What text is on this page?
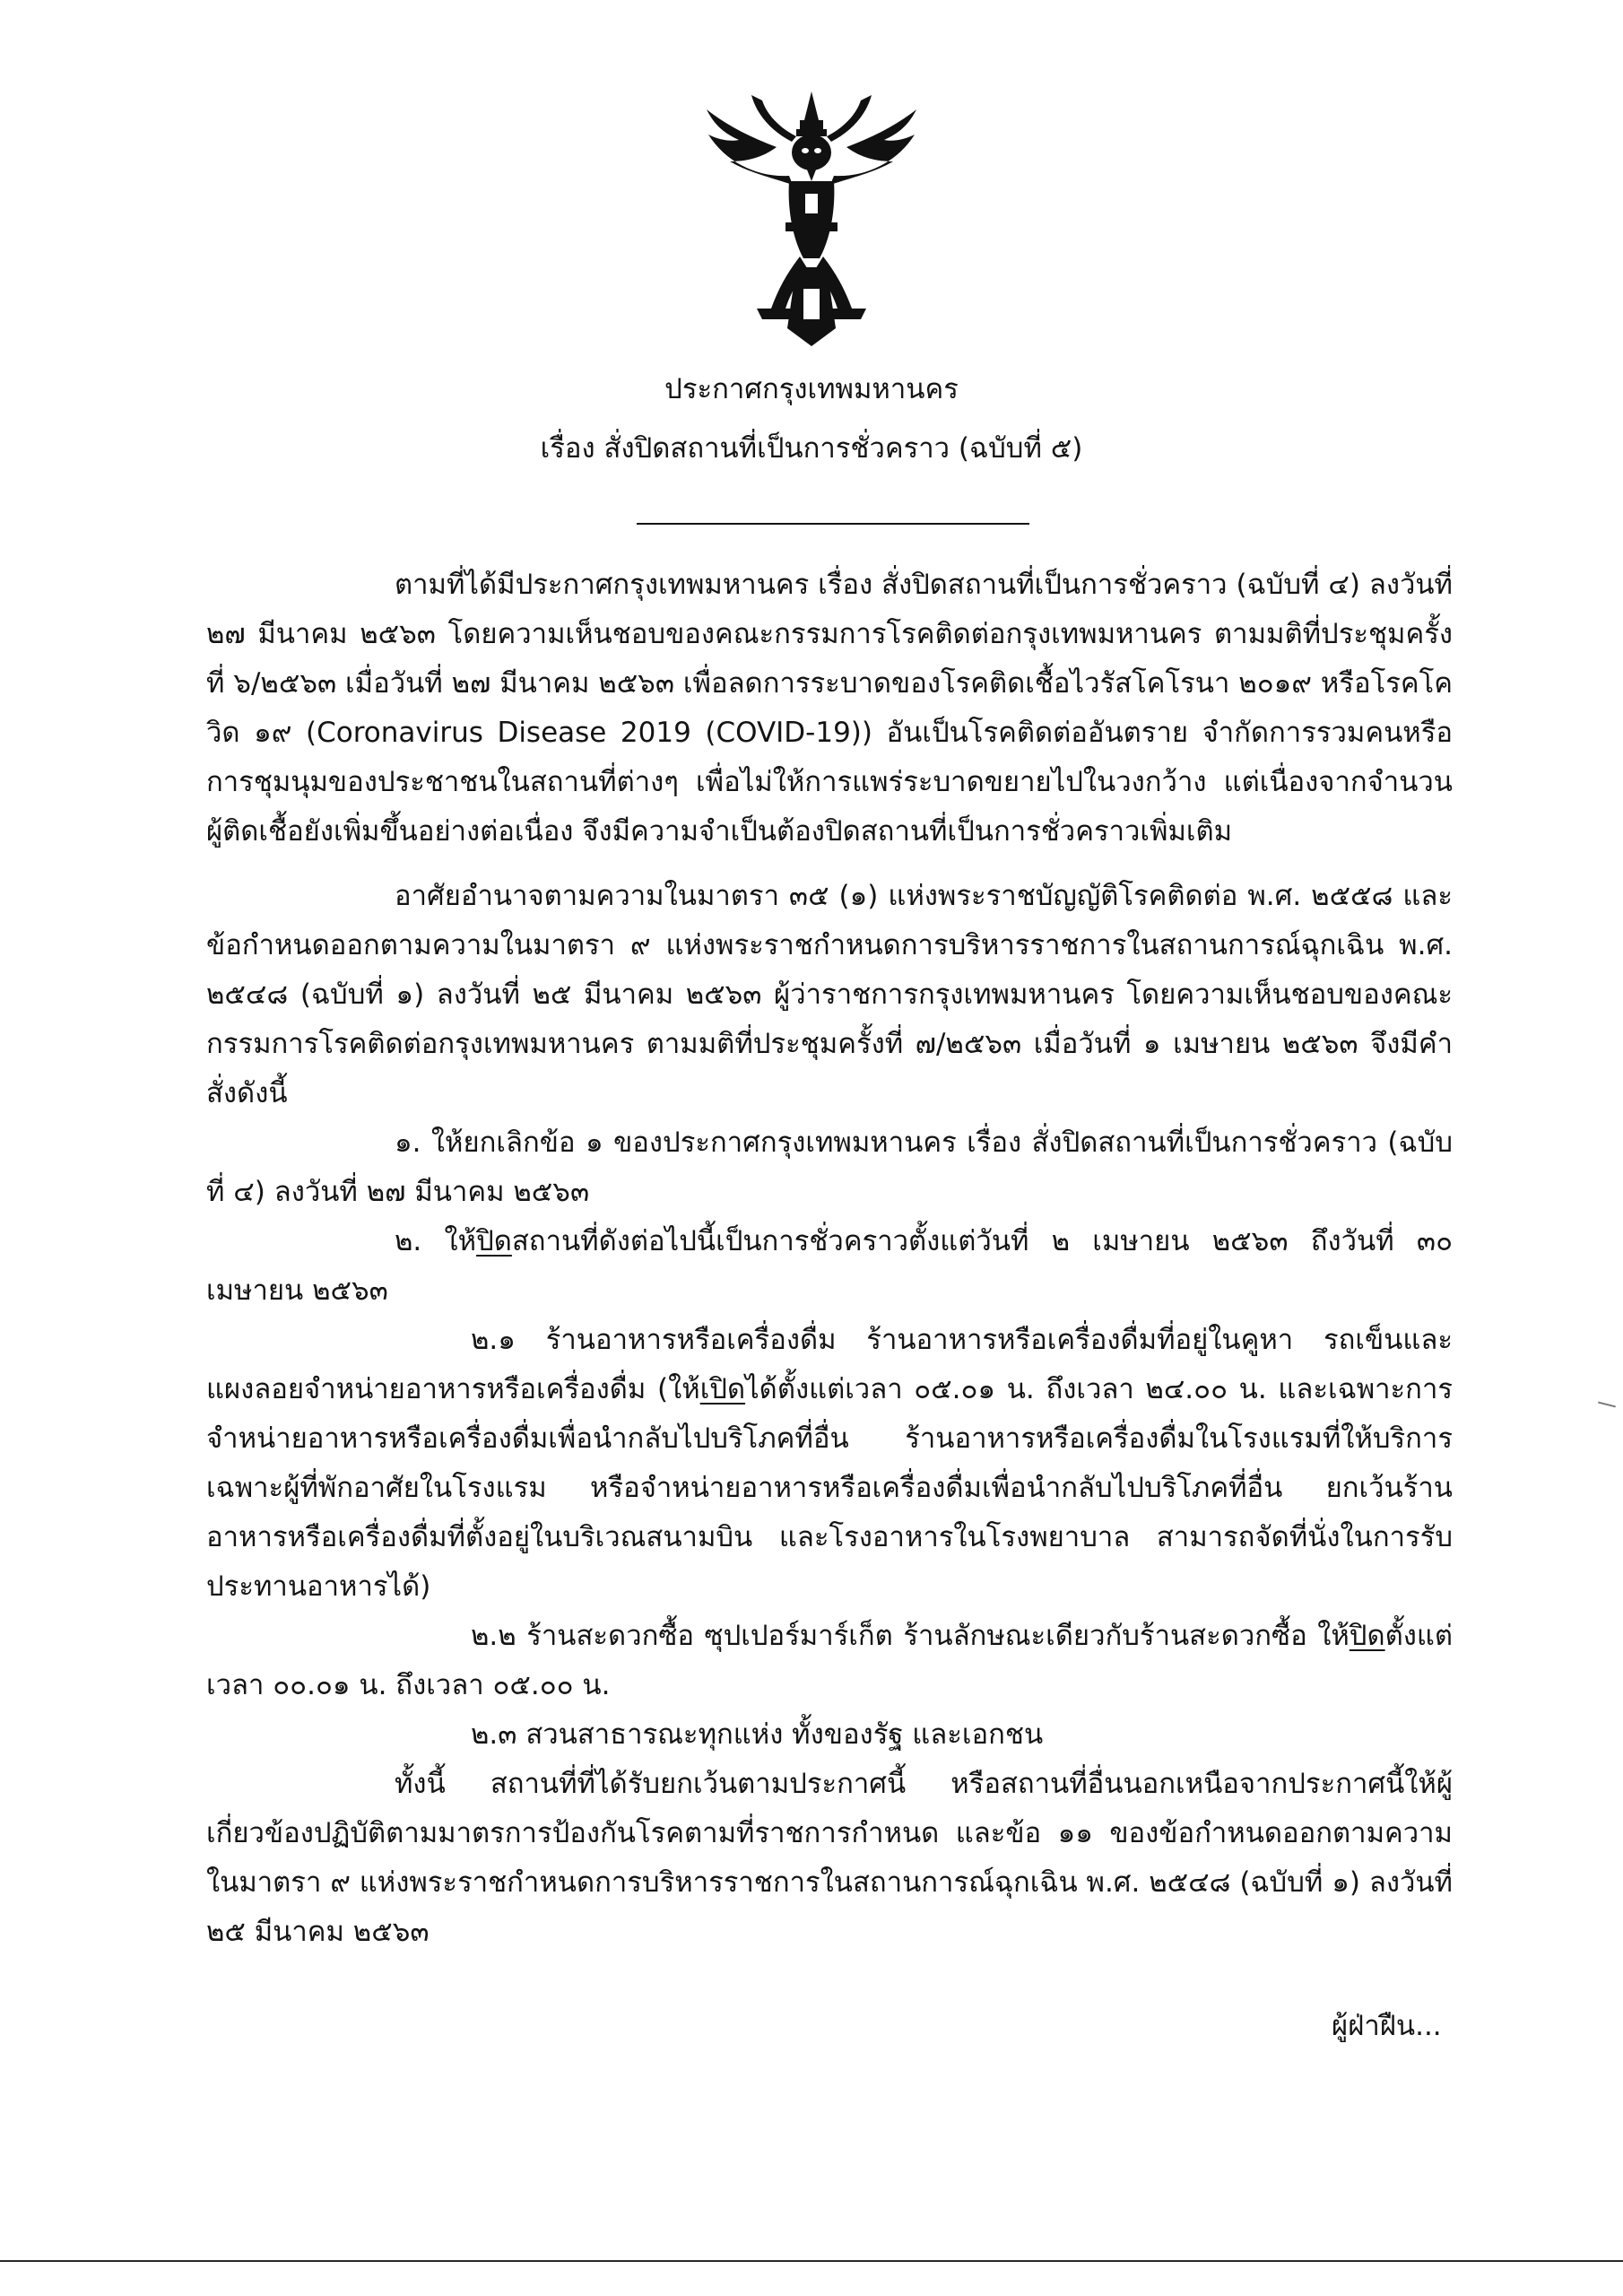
ประกาศกรุงเทพมหานคร
เรื่อง สั่งปิดสถานที่เป็นการชั่วคราว (ฉบับที่ ๕)

ตามที่ได้มีประกาศกรุงเทพมหานคร เรื่อง สั่งปิดสถานที่เป็นการชั่วคราว (ฉบับที่ ๔) ลงวันที่ ๒๗ มีนาคม ๒๕๖๓ โดยความเห็นชอบของคณะกรรมการโรคติดต่อกรุงเทพมหานคร ตามมติที่ประชุมครั้งที่ ๖/๒๕๖๓ เมื่อวันที่ ๒๗ มีนาคม ๒๕๖๓ เพื่อลดการระบาดของโรคติดเชื้อไวรัสโคโรนา ๒๐๑๙ หรือโรคโควิด ๑๙ (Coronavirus Disease 2019 (COVID-19)) อันเป็นโรคติดต่ออันตราย จำกัดการรวมคนหรือการชุมนุมของประชาชนในสถานที่ต่างๆ เพื่อไม่ให้การแพร่ระบาดขยายไปในวงกว้าง แต่เนื่องจากจำนวน ผู้ติดเชื้อยังเพิ่มขึ้นอย่างต่อเนื่อง จึงมีความจำเป็นต้องปิดสถานที่เป็นการชั่วคราวเพิ่มเติม

อาศัยอำนาจตามความในมาตรา ๓๕ (๑) แห่งพระราชบัญญัติโรคติดต่อ พ.ศ. ๒๕๕๘ และข้อกำหนดออกตามความในมาตรา ๙ แห่งพระราชกำหนดการบริหารราชการในสถานการณ์ฉุกเฉิน พ.ศ. ๒๕๔๘ (ฉบับที่ ๑) ลงวันที่ ๒๕ มีนาคม ๒๕๖๓ ผู้ว่าราชการกรุงเทพมหานคร โดยความเห็นชอบของคณะกรรมการโรคติดต่อกรุงเทพมหานคร ตามมติที่ประชุมครั้งที่ ๗/๒๕๖๓ เมื่อวันที่ ๑ เมษายน ๒๕๖๓ จึงมีคำสั่งดังนี้

๑. ให้ยกเลิกข้อ ๑ ของประกาศกรุงเทพมหานคร เรื่อง สั่งปิดสถานที่เป็นการชั่วคราว (ฉบับที่ ๔) ลงวันที่ ๒๗ มีนาคม ๒๕๖๓

๒. ให้ปิดสถานที่ดังต่อไปนี้เป็นการชั่วคราวตั้งแต่วันที่ ๒ เมษายน ๒๕๖๓ ถึงวันที่ ๓๐ เมษายน ๒๕๖๓

๒.๑ ร้านอาหารหรือเครื่องดื่ม ร้านอาหารหรือเครื่องดื่มที่อยู่ในคูหา รถเข็นและแผงลอยจำหน่ายอาหารหรือเครื่องดื่ม (ให้เปิดได้ตั้งแต่เวลา ๐๕.๐๑ น. ถึงเวลา ๒๔.๐๐ น. และเฉพาะการจำหน่ายอาหารหรือเครื่องดื่มเพื่อนำกลับไปบริโภคที่อื่น ร้านอาหารหรือเครื่องดื่มในโรงแรมที่ให้บริการเฉพาะผู้ที่พักอาศัยในโรงแรม หรือจำหน่ายอาหารหรือเครื่องดื่มเพื่อนำกลับไปบริโภคที่อื่น ยกเว้นร้านอาหารหรือเครื่องดื่มที่ตั้งอยู่ในบริเวณสนามบิน และโรงอาหารในโรงพยาบาล สามารถจัดที่นั่งในการรับประทานอาหารได้)

๒.๒ ร้านสะดวกซื้อ ซุปเปอร์มาร์เก็ต ร้านลักษณะเดียวกับร้านสะดวกซื้อ ให้ปิดตั้งแต่เวลา ๐๐.๐๑ น. ถึงเวลา ๐๕.๐๐ น.

๒.๓ สวนสาธารณะทุกแห่ง ทั้งของรัฐ และเอกชน

ทั้งนี้ สถานที่ที่ได้รับยกเว้นตามประกาศนี้ หรือสถานที่อื่นนอกเหนือจากประกาศนี้ให้ผู้เกี่ยวข้องปฏิบัติตามมาตรการป้องกันโรคตามที่ราชการกำหนด และข้อ ๑๑ ของข้อกำหนดออกตามความในมาตรา ๙ แห่งพระราชกำหนดการบริหารราชการในสถานการณ์ฉุกเฉิน พ.ศ. ๒๕๔๘ (ฉบับที่ ๑) ลงวันที่ ๒๕ มีนาคม ๒๕๖๓

ผู้ฝ่าฝืน...
